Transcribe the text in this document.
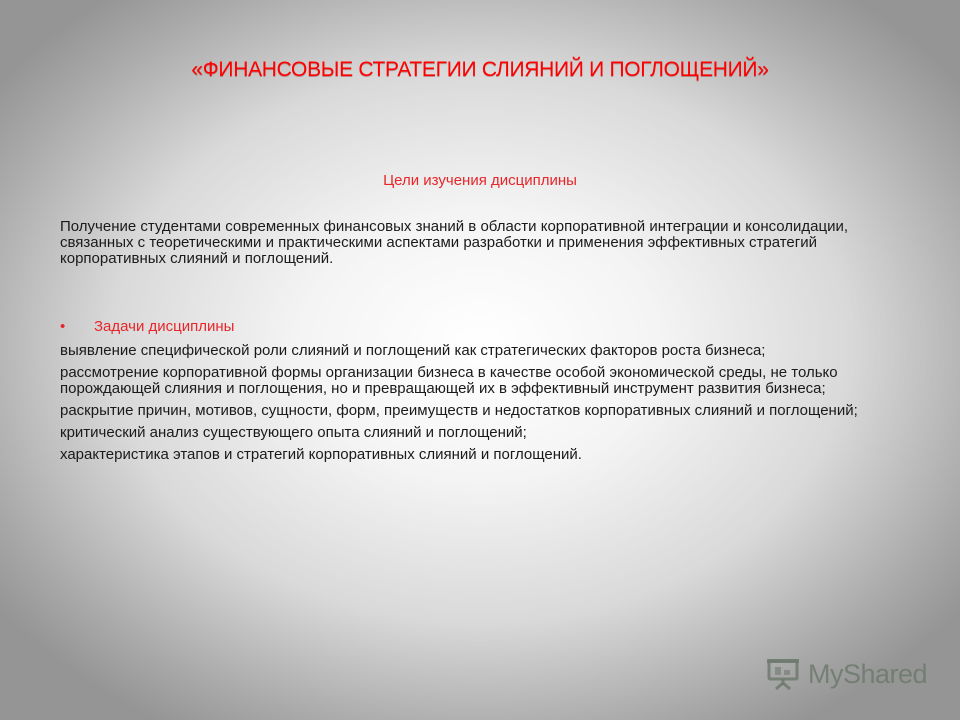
«ФИНАНСОВЫЕ СТРАТЕГИИ СЛИЯНИЙ И ПОГЛОЩЕНИЙ»
Цели изучения дисциплины
Получение студентами современных финансовых знаний в области корпоративной интеграции и консолидации, связанных с теоретическими и практическими аспектами разработки и применения эффективных стратегий корпоративных слияний и поглощений.
• Задачи дисциплины
выявление специфической роли слияний и поглощений как стратегических факторов роста бизнеса;
рассмотрение корпоративной формы организации бизнеса в качестве особой экономической среды, не только порождающей слияния и поглощения, но и превращающей их в эффективный инструмент развития бизнеса;
раскрытие причин, мотивов, сущности, форм, преимуществ и недостатков корпоративных слияний и поглощений;
критический анализ существующего опыта слияний и поглощений;
характеристика этапов и стратегий корпоративных слияний и поглощений.
MyShared
